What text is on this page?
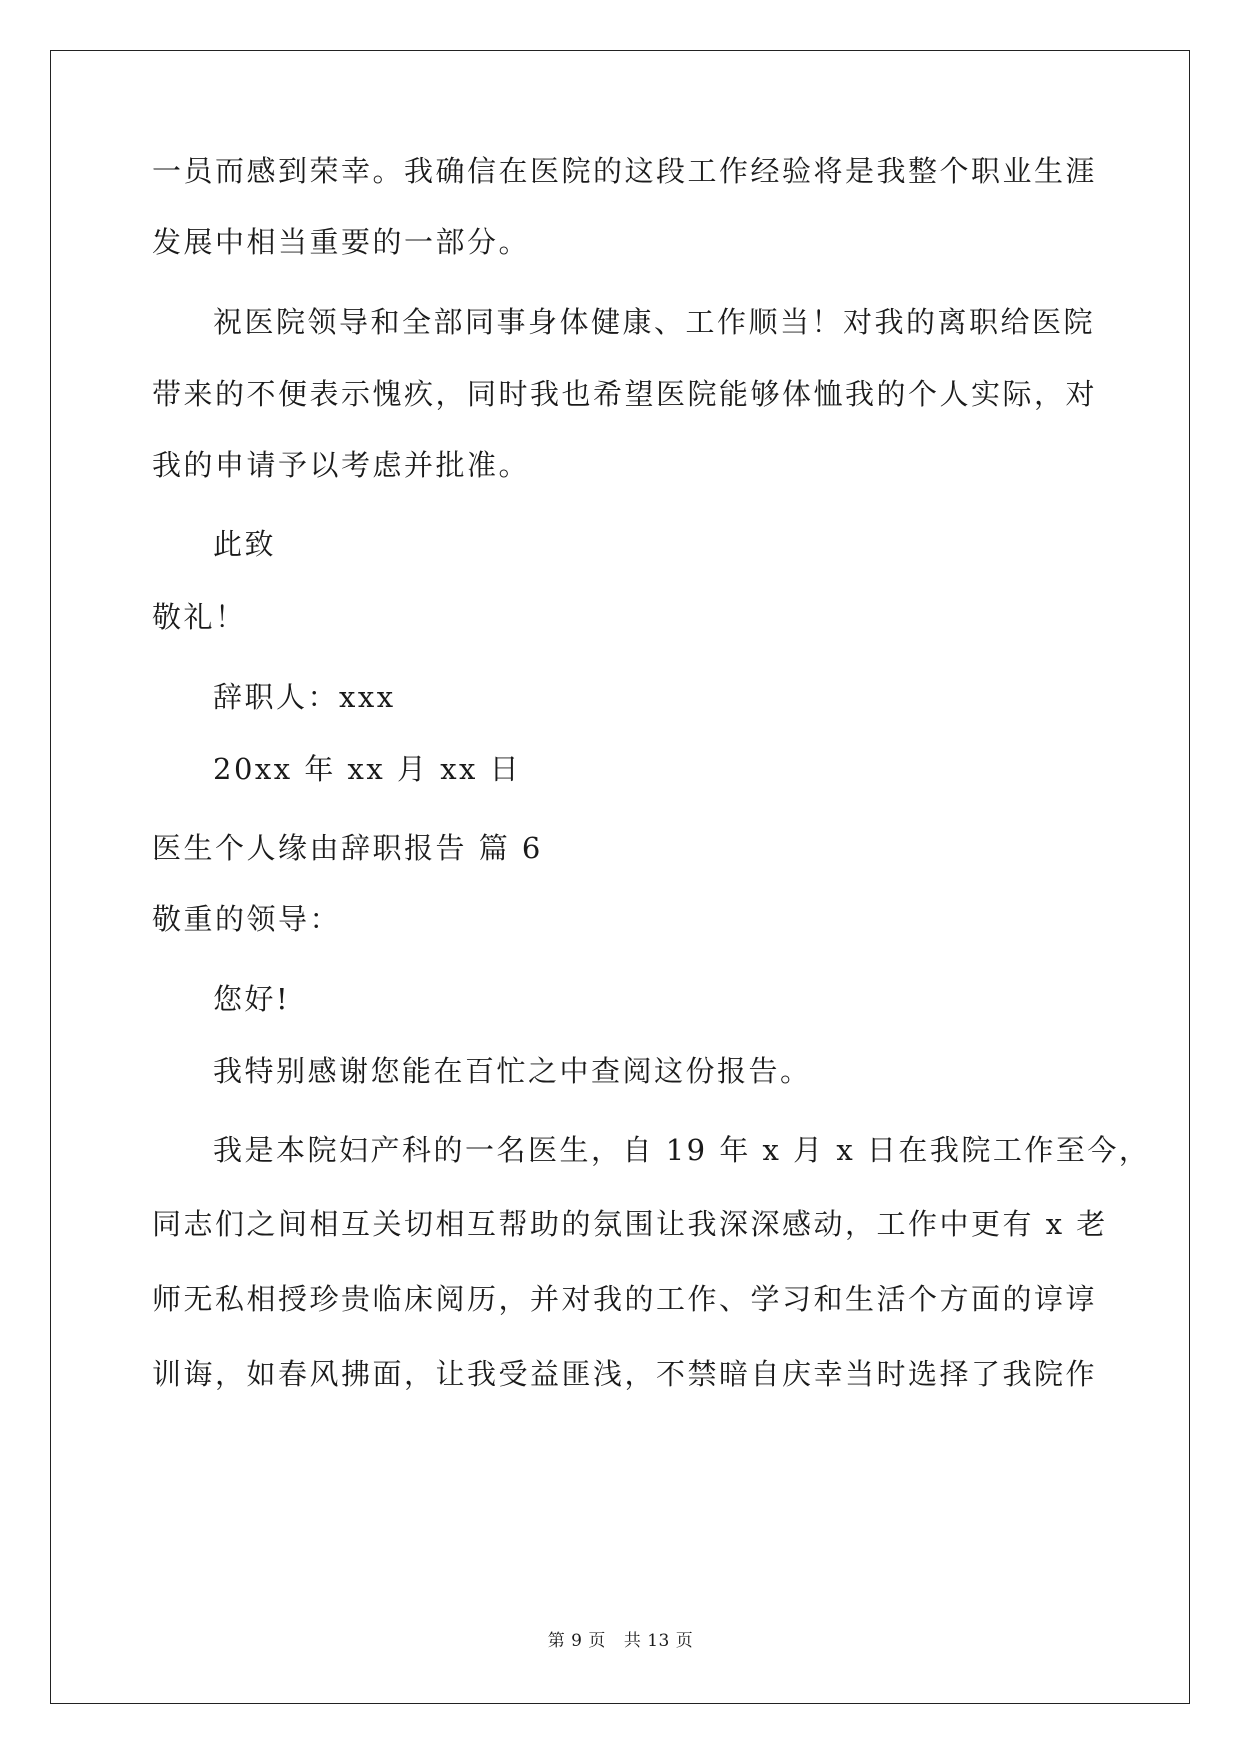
一员而感到荣幸。我确信在医院的这段工作经验将是我整个职业生涯
发展中相当重要的一部分。
祝医院领导和全部同事身体健康、工作顺当！对我的离职给医院
带来的不便表示愧疚，同时我也希望医院能够体恤我的个人实际，对
我的申请予以考虑并批准。
此致
敬礼！
辞职人：xxx
20xx 年 xx 月 xx 日
医生个人缘由辞职报告 篇 6
敬重的领导：
您好!
我特别感谢您能在百忙之中查阅这份报告。
我是本院妇产科的一名医生，自 19 年 x 月 x 日在我院工作至今，
同志们之间相互关切相互帮助的氛围让我深深感动，工作中更有 x 老
师无私相授珍贵临床阅历，并对我的工作、学习和生活个方面的谆谆
训诲，如春风拂面，让我受益匪浅，不禁暗自庆幸当时选择了我院作
第 9 页 共 13 页
